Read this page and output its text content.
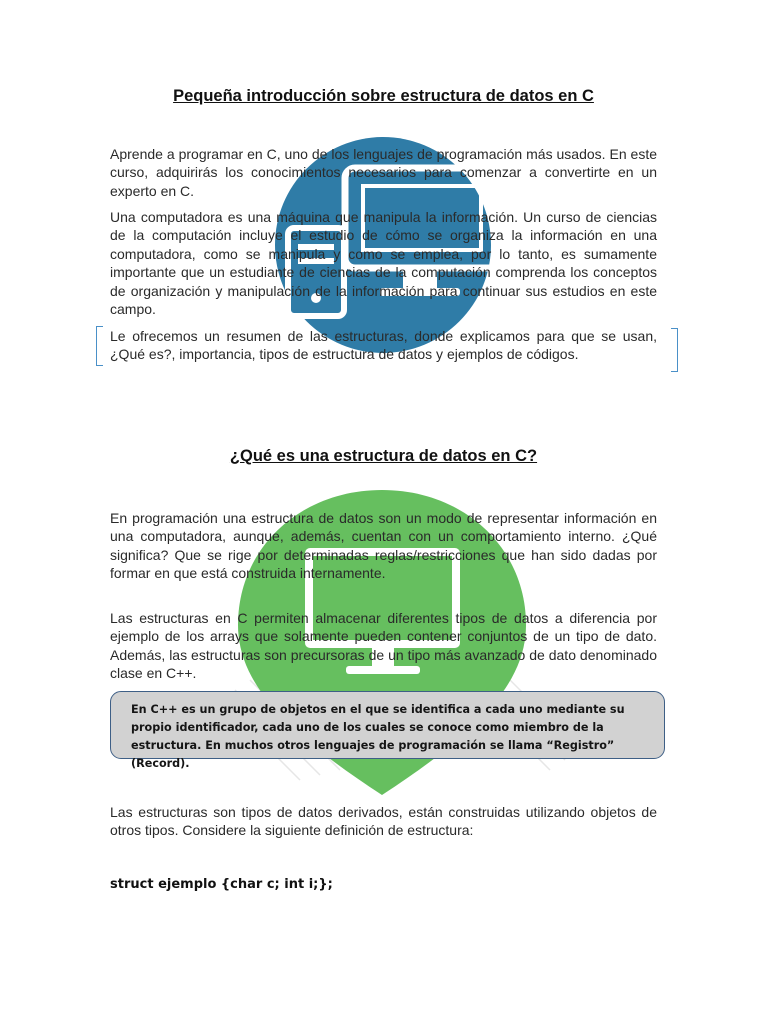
Pequeña introducción sobre estructura de datos en C

Aprende a programar en C, uno de los lenguajes de programación más usados. En este curso, adquirirás los conocimientos necesarios para comenzar a convertirte en un experto en C.

Una computadora es una máquina que manipula la información. Un curso de ciencias de la computación incluye el estudio de cómo se organiza la información en una computadora, como se manipula y como se emplea, por lo tanto, es sumamente importante que un estudiante de ciencias de la computación comprenda los conceptos de organización y manipulación de la información para continuar sus estudios en este campo.

Le ofrecemos un resumen de las estructuras, donde explicamos para que se usan, ¿Qué es?, importancia, tipos de estructura de datos y ejemplos de códigos.

¿Qué es una estructura de datos en C?

En programación una estructura de datos son un modo de representar información en una computadora, aunque, además, cuentan con un comportamiento interno. ¿Qué significa? Que se rige por determinadas reglas/restricciones que han sido dadas por formar en que está construida internamente.

Las estructuras en C permiten almacenar diferentes tipos de datos a diferencia por ejemplo de los arrays que solamente pueden contener conjuntos de un tipo de dato. Además, las estructuras son precursoras de un tipo más avanzado de dato denominado clase en C++.

En C++ es un grupo de objetos en el que se identifica a cada uno mediante su propio identificador, cada uno de los cuales se conoce como miembro de la estructura. En muchos otros lenguajes de programación se llama “Registro” (Record).

Las estructuras son tipos de datos derivados, están construidas utilizando objetos de otros tipos. Considere la siguiente definición de estructura:

struct ejemplo {char c; int i;};
